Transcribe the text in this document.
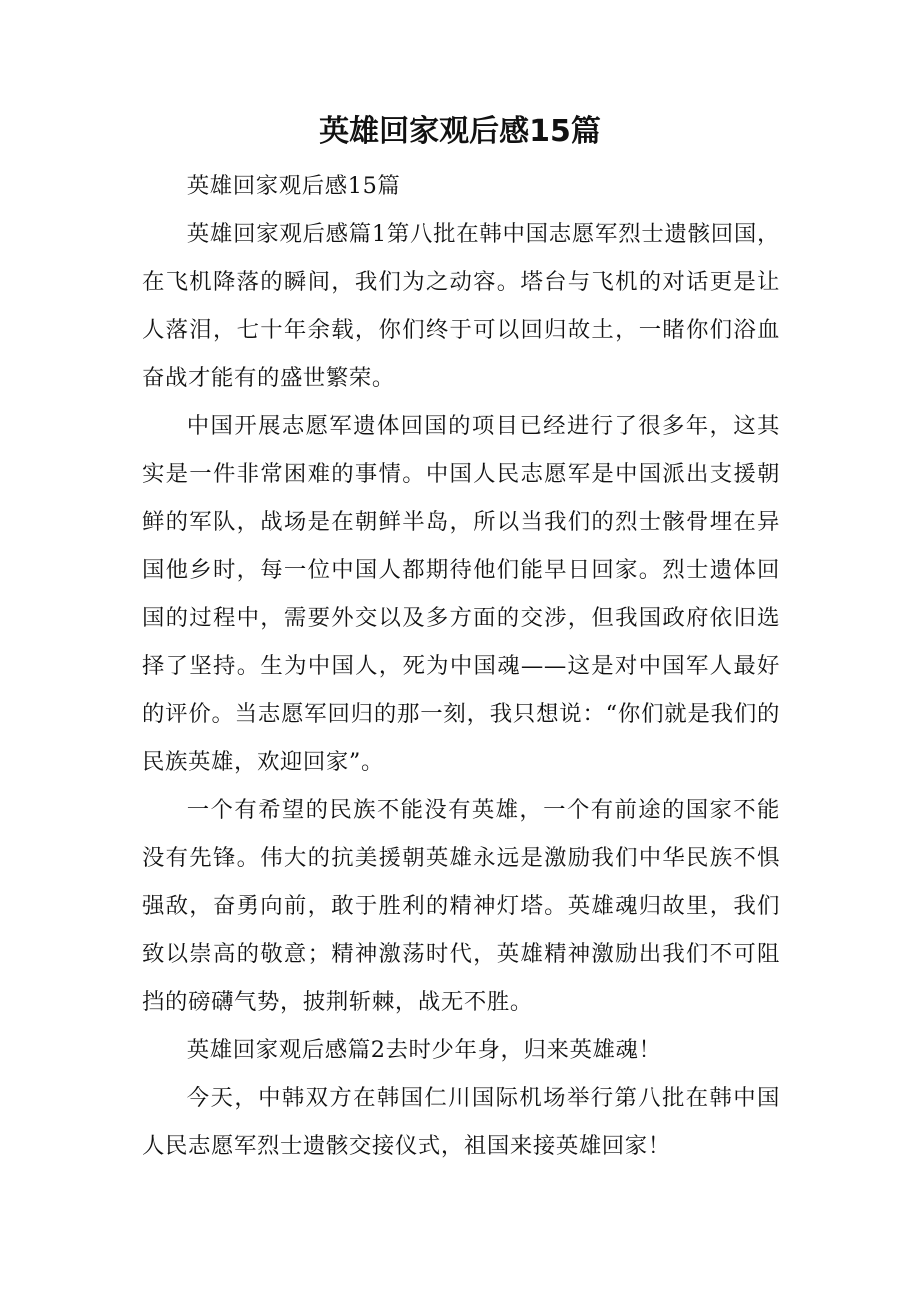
英雄回家观后感15篇

英雄回家观后感15篇

英雄回家观后感篇1第八批在韩中国志愿军烈士遗骸回国，在飞机降落的瞬间，我们为之动容。塔台与飞机的对话更是让人落泪，七十年余载，你们终于可以回归故土，一睹你们浴血奋战才能有的盛世繁荣。

中国开展志愿军遗体回国的项目已经进行了很多年，这其实是一件非常困难的事情。中国人民志愿军是中国派出支援朝鲜的军队，战场是在朝鲜半岛，所以当我们的烈士骸骨埋在异国他乡时，每一位中国人都期待他们能早日回家。烈士遗体回国的过程中，需要外交以及多方面的交涉，但我国政府依旧选择了坚持。生为中国人，死为中国魂——这是对中国军人最好的评价。当志愿军回归的那一刻，我只想说：“你们就是我们的民族英雄，欢迎回家”。

一个有希望的民族不能没有英雄，一个有前途的国家不能没有先锋。伟大的抗美援朝英雄永远是激励我们中华民族不惧强敌，奋勇向前，敢于胜利的精神灯塔。英雄魂归故里，我们致以崇高的敬意；精神激荡时代，英雄精神激励出我们不可阻挡的磅礴气势，披荆斩棘，战无不胜。

英雄回家观后感篇2去时少年身，归来英雄魂！

今天，中韩双方在韩国仁川国际机场举行第八批在韩中国人民志愿军烈士遗骸交接仪式，祖国来接英雄回家！
